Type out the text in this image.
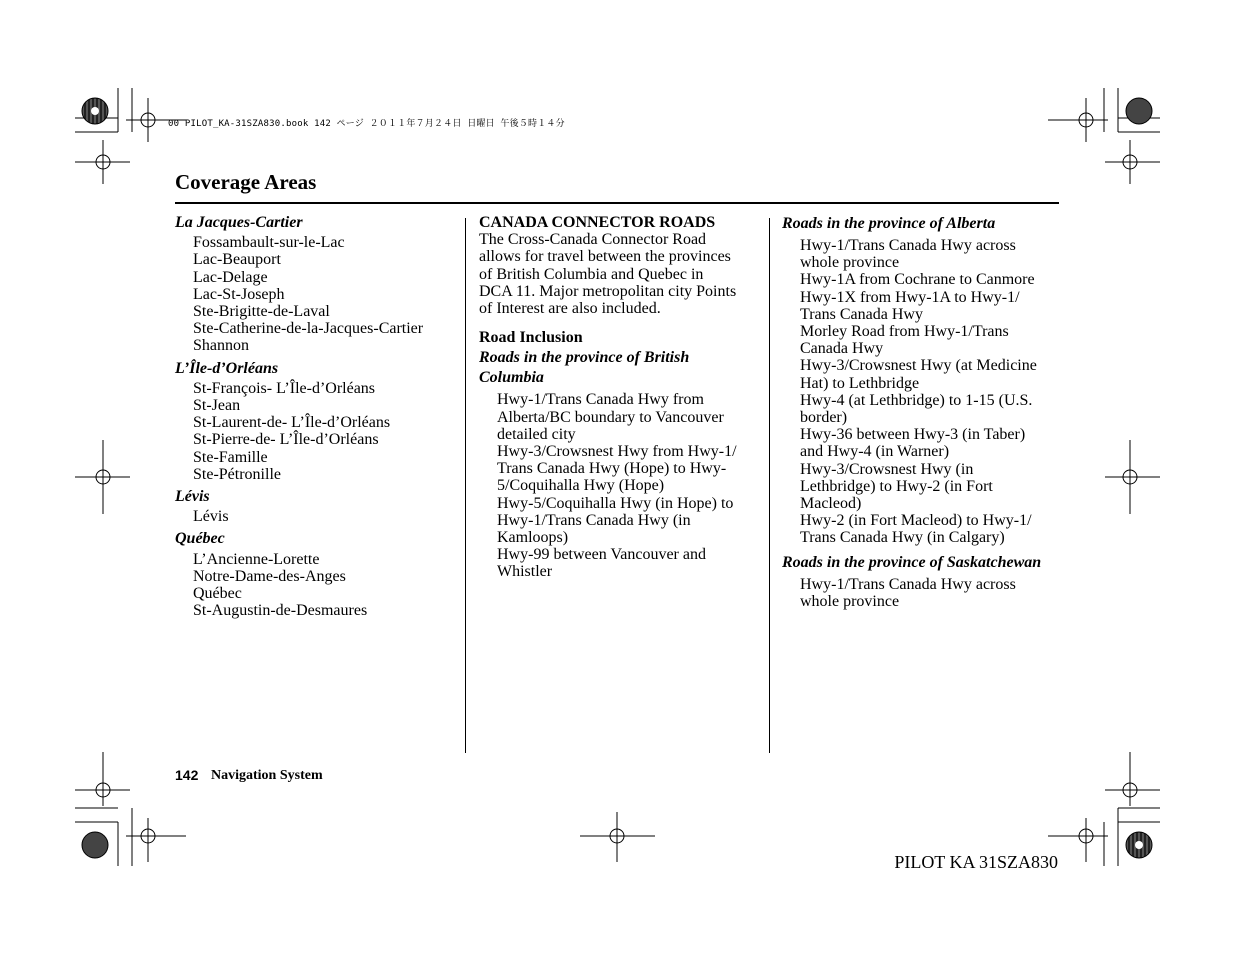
00 PILOT_KA-31SZA830.book 142 ページ ２０１１年７月２４日 日曜日 午後５時１４分
Coverage Areas
La Jacques-Cartier
Fossambault-sur-le-Lac
Lac-Beauport
Lac-Delage
Lac-St-Joseph
Ste-Brigitte-de-Laval
Ste-Catherine-de-la-Jacques-Cartier
Shannon
L’Île-d’Orléans
St-François- L’Île-d’Orléans
St-Jean
St-Laurent-de- L’Île-d’Orléans
St-Pierre-de- L’Île-d’Orléans
Ste-Famille
Ste-Pétronille
Lévis
Lévis
Québec
L’Ancienne-Lorette
Notre-Dame-des-Anges
Québec
St-Augustin-de-Desmaures
CANADA CONNECTOR ROADS
The Cross-Canada Connector Road
allows for travel between the provinces
of British Columbia and Quebec in
DCA 11. Major metropolitan city Points
of Interest are also included.
Road Inclusion
Roads in the province of British
Columbia
Hwy-1/Trans Canada Hwy from
Alberta/BC boundary to Vancouver
detailed city
Hwy-3/Crowsnest Hwy from Hwy-1/
Trans Canada Hwy (Hope) to Hwy-
5/Coquihalla Hwy (Hope)
Hwy-5/Coquihalla Hwy (in Hope) to
Hwy-1/Trans Canada Hwy (in
Kamloops)
Hwy-99 between Vancouver and
Whistler
Roads in the province of Alberta
Hwy-1/Trans Canada Hwy across
whole province
Hwy-1A from Cochrane to Canmore
Hwy-1X from Hwy-1A to Hwy-1/
Trans Canada Hwy
Morley Road from Hwy-1/Trans
Canada Hwy
Hwy-3/Crowsnest Hwy (at Medicine
Hat) to Lethbridge
Hwy-4 (at Lethbridge) to 1-15 (U.S.
border)
Hwy-36 between Hwy-3 (in Taber)
and Hwy-4 (in Warner)
Hwy-3/Crowsnest Hwy (in
Lethbridge) to Hwy-2 (in Fort
Macleod)
Hwy-2 (in Fort Macleod) to Hwy-1/
Trans Canada Hwy (in Calgary)
Roads in the province of Saskatchewan
Hwy-1/Trans Canada Hwy across
whole province
142 Navigation System
PILOT KA 31SZA830
